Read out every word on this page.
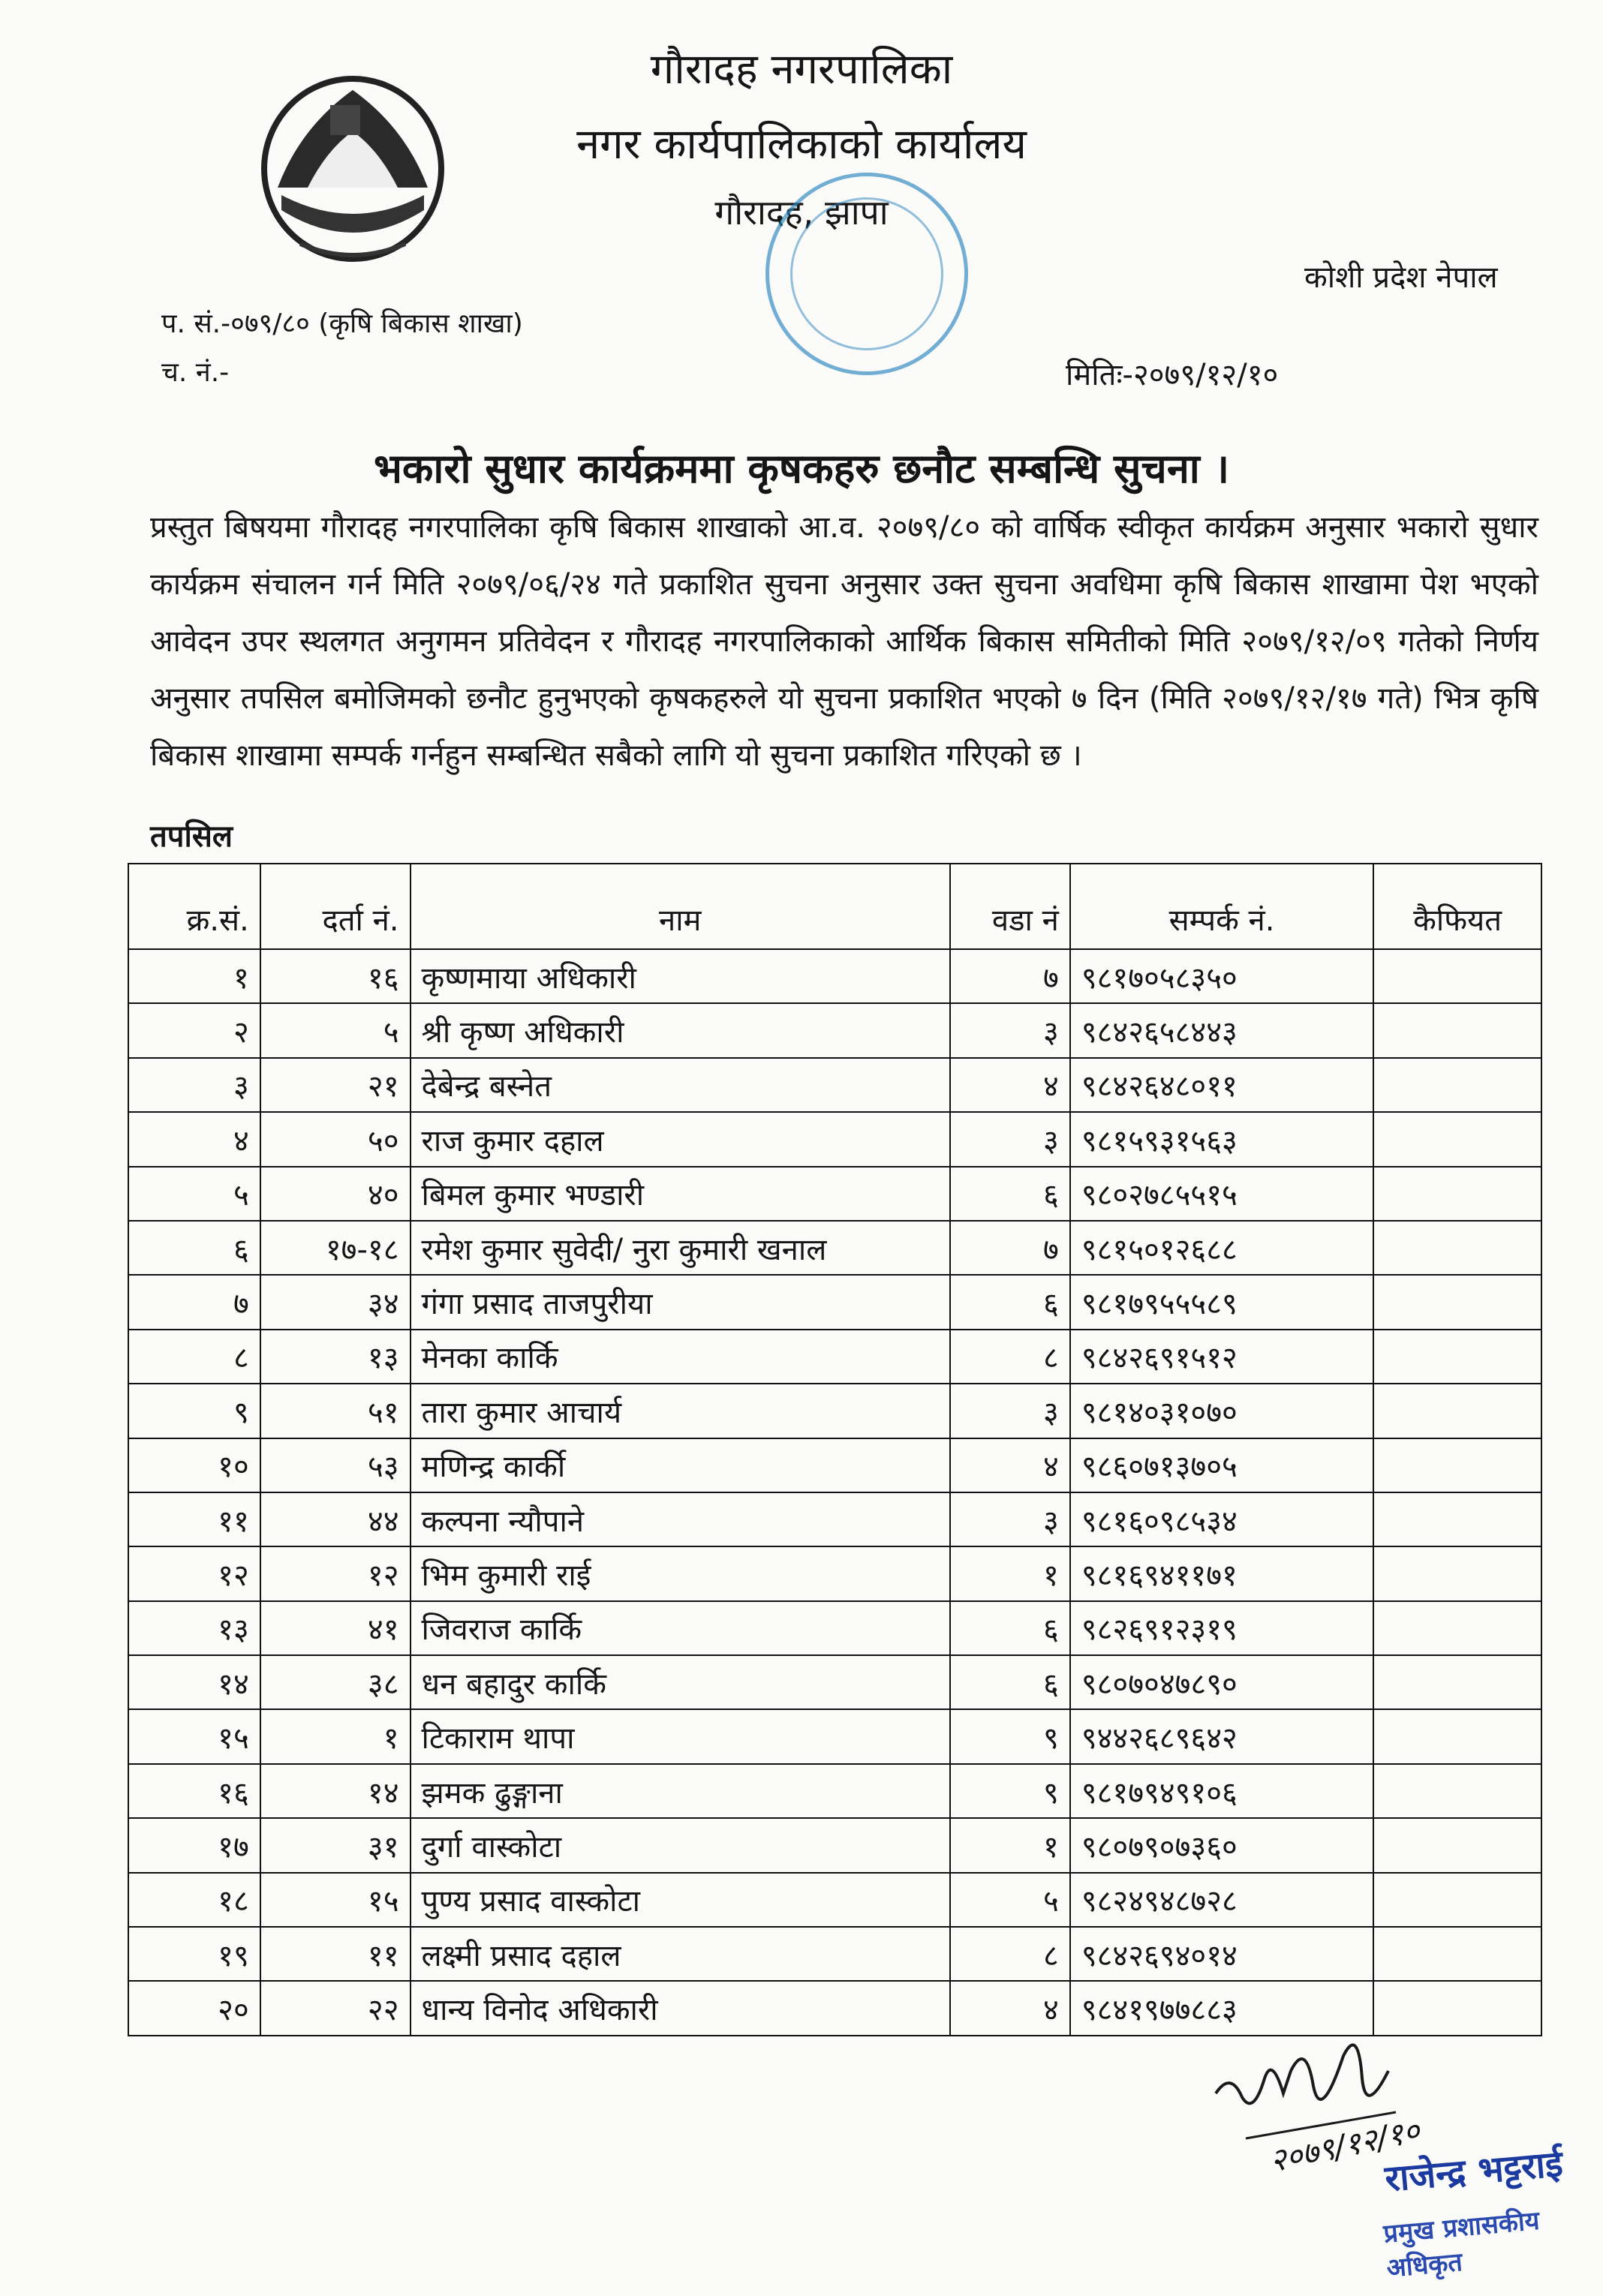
गौरादह नगरपालिका
नगर कार्यपालिकाको कार्यालय
गौरादह, झापा
कोशी प्रदेश नेपाल
प. सं.-०७९/८० (कृषि बिकास शाखा)
च. नं.-	मितिः-२०७९/१२/१०
भकारो सुधार कार्यक्रममा कृषकहरु छनौट सम्बन्धि सुचना ।
प्रस्तुत बिषयमा गौरादह नगरपालिका कृषि बिकास शाखाको आ.व. २०७९/८० को वार्षिक स्वीकृत कार्यक्रम अनुसार भकारो सुधार कार्यक्रम संचालन गर्न मिति २०७९/०६/२४ गते प्रकाशित सुचना अनुसार उक्त सुचना अवधिमा कृषि बिकास शाखामा पेश भएको आवेदन उपर स्थलगत अनुगमन प्रतिवेदन र गौरादह नगरपालिकाको आर्थिक बिकास समितीको मिति २०७९/१२/०९ गतेको निर्णय अनुसार तपसिल बमोजिमको छनौट हुनुभएको कृषकहरुले यो सुचना प्रकाशित भएको ७ दिन (मिति २०७९/१२/१७ गते) भित्र कृषि बिकास शाखामा सम्पर्क गर्नहुन सम्बन्धित सबैको लागि यो सुचना प्रकाशित गरिएको छ ।
तपसिल
क्र.सं.	दर्ता नं.	नाम	वडा नं	सम्पर्क नं.	कैफियत
१	१६	कृष्णमाया अधिकारी	७	९८१७०५८३५०	
२	५	श्री कृष्ण अधिकारी	३	९८४२६५८४४३	
३	२१	देबेन्द्र बस्नेत	४	९८४२६४८०११	
४	५०	राज कुमार दहाल	३	९८१५९३१५६३	
५	४०	बिमल कुमार भण्डारी	६	९८०२७८५५१५	
६	१७-१८	रमेश कुमार सुवेदी/ नुरा कुमारी खनाल	७	९८१५०१२६८८	
७	३४	गंगा प्रसाद ताजपुरीया	६	९८१७९५५५८९	
८	१३	मेनका कार्कि	८	९८४२६९१५१२	
९	५१	तारा कुमार आचार्य	३	९८१४०३१०७०	
१०	५३	मणिन्द्र कार्की	४	९८६०७१३७०५	
११	४४	कल्पना न्यौपाने	३	९८१६०९८५३४	
१२	१२	भिम कुमारी राई	१	९८१६९४११७१	
१३	४१	जिवराज कार्कि	६	९८२६९१२३१९	
१४	३८	धन बहादुर कार्कि	६	९८०७०४७८९०	
१५	१	टिकाराम थापा	९	९४४२६८९६४२	
१६	१४	झमक ढुङ्गाना	९	९८१७९४९१०६	
१७	३१	दुर्गा वास्कोटा	१	९८०७९०७३६०	
१८	१५	पुण्य प्रसाद वास्कोटा	५	९८२४९४८७२८	
१९	११	लक्ष्मी प्रसाद दहाल	८	९८४२६९४०१४	
२०	२२	धान्य विनोद अधिकारी	४	९८४१९७७८८३	
२०७९/१२/१०
राजेन्द्र भट्टराई
प्रमुख प्रशासकीय अधिकृत
